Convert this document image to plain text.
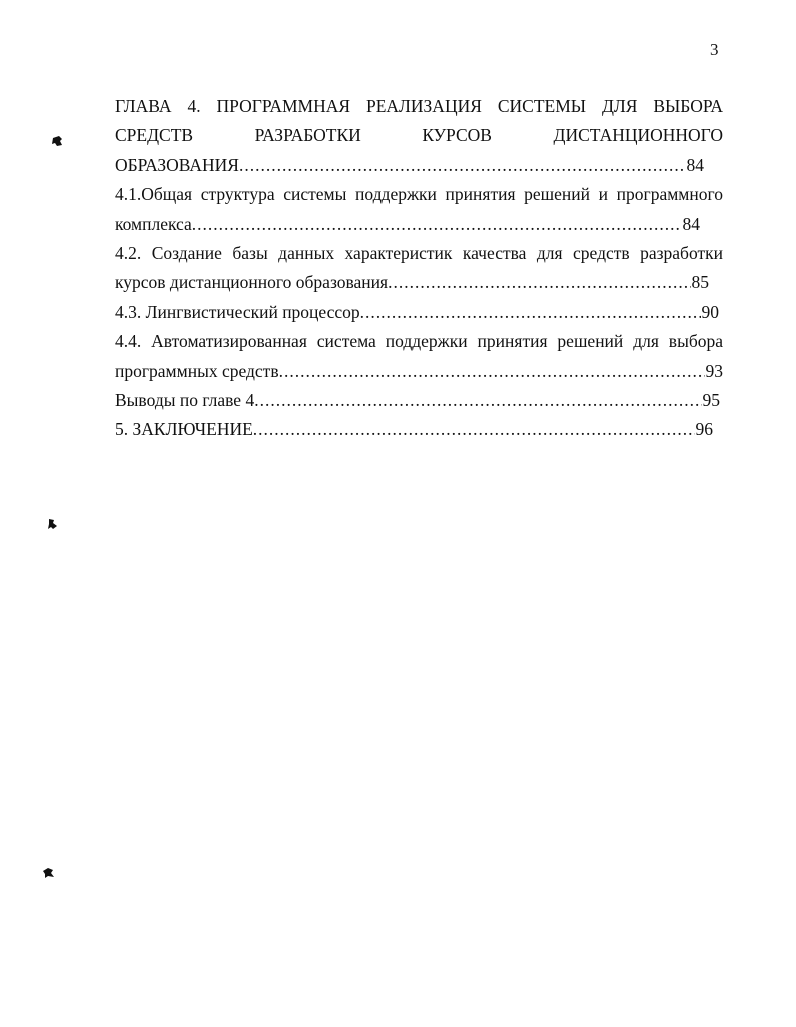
3
ГЛАВА 4. ПРОГРАММНАЯ РЕАЛИЗАЦИЯ СИСТЕМЫ ДЛЯ ВЫБОРА
СРЕДСТВ РАЗРАБОТКИ КУРСОВ ДИСТАНЦИОННОГО
ОБРАЗОВАНИЯ .....	84
4.1.Общая структура системы поддержки принятия решений и программного
комплекса .....	84
4.2. Создание базы данных характеристик качества для средств разработки
курсов дистанционного образования .....	85
4.3. Лингвистический процессор .....	90
4.4. Автоматизированная система поддержки принятия решений для выбора
программных средств .....	93
Выводы по главе 4 .....	95
5. ЗАКЛЮЧЕНИЕ .....	96
